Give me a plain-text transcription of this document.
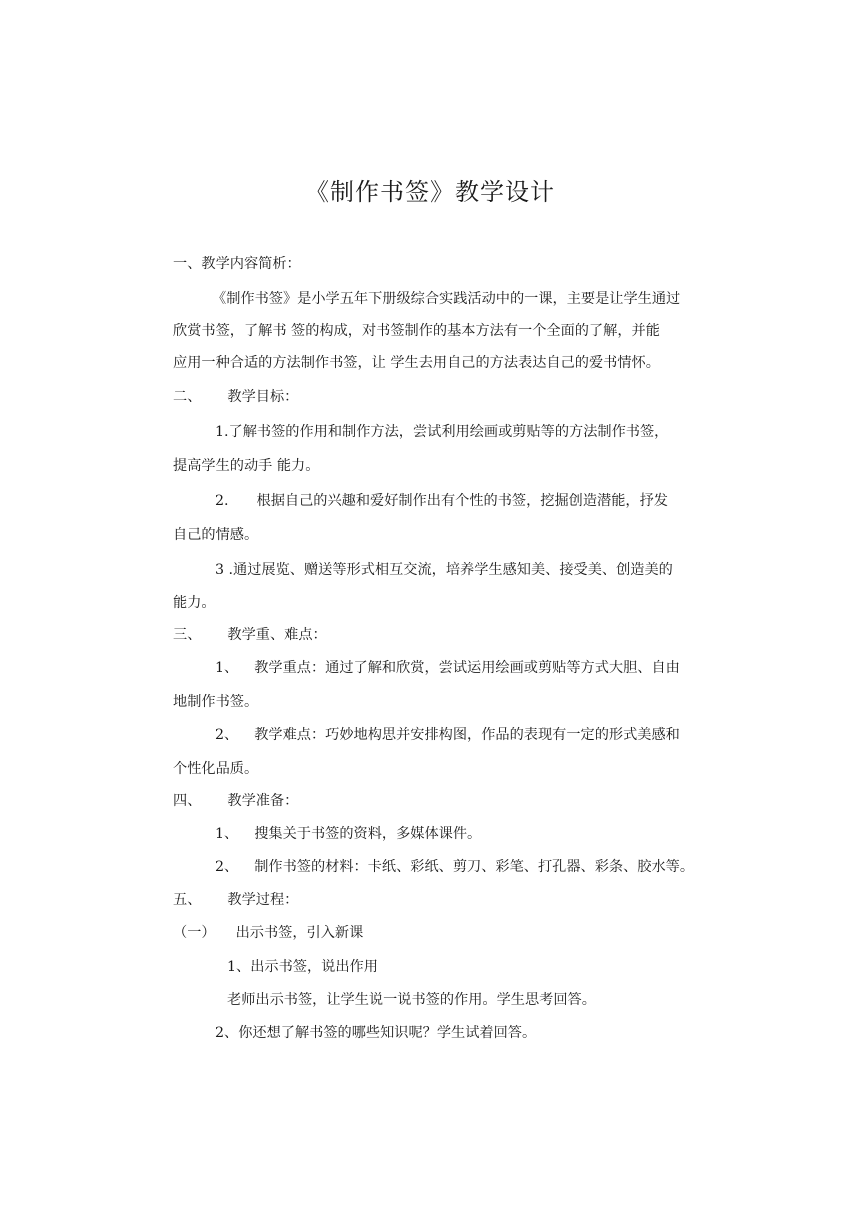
《制作书签》教学设计
一、教学内容简析：
《制作书签》是小学五年下册级综合实践活动中的一课，主要是让学生通过
欣赏书签，了解书 签的构成，对书签制作的基本方法有一个全面的了解，并能
应用一种合适的方法制作书签，让 学生去用自己的方法表达自己的爱书情怀。
二、 教学目标：
1.了解书签的作用和制作方法，尝试利用绘画或剪贴等的方法制作书签，
提高学生的动手 能力。
2. 根据自己的兴趣和爱好制作出有个性的书签，挖掘创造潜能，抒发
自己的情感。
3 .通过展览、赠送等形式相互交流，培养学生感知美、接受美、创造美的
能力。
三、 教学重、难点：
1、 教学重点：通过了解和欣赏，尝试运用绘画或剪贴等方式大胆、自由
地制作书签。
2、 教学难点：巧妙地构思并安排构图，作品的表现有一定的形式美感和
个性化品质。
四、 教学准备：
1、 搜集关于书签的资料，多媒体课件。
2、 制作书签的材料：卡纸、彩纸、剪刀、彩笔、打孔器、彩条、胶水等。
五、 教学过程：
（一） 出示书签，引入新课
1、出示书签，说出作用
老师出示书签，让学生说一说书签的作用。学生思考回答。
2、你还想了解书签的哪些知识呢？学生试着回答。
